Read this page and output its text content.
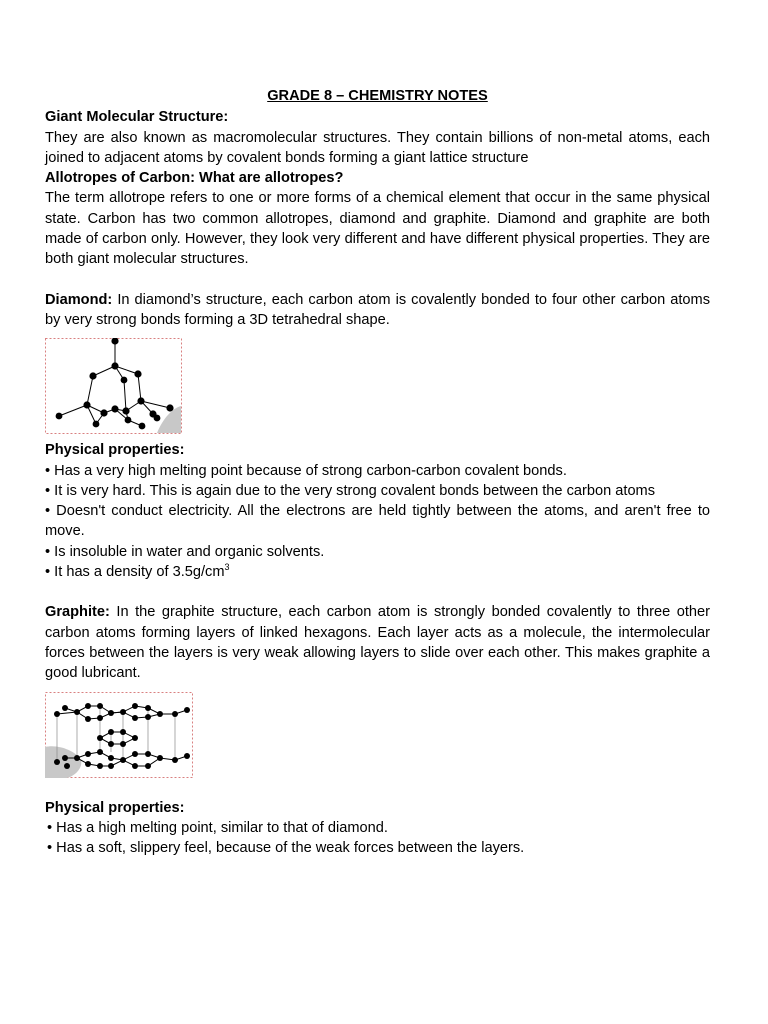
GRADE 8 – CHEMISTRY NOTES

Giant Molecular Structure:

They are also known as macromolecular structures. They contain billions of non-metal atoms, each joined to adjacent atoms by covalent bonds forming a giant lattice structure

Allotropes of Carbon: What are allotropes?

The term allotrope refers to one or more forms of a chemical element that occur in the same physical state. Carbon has two common allotropes, diamond and graphite. Diamond and graphite are both made of carbon only. However, they look very different and have different physical properties. They are both giant molecular structures.

Diamond: In diamond’s structure, each carbon atom is covalently bonded to four other carbon atoms by very strong bonds forming a 3D tetrahedral shape.

Physical properties:

• Has a very high melting point because of strong carbon-carbon covalent bonds.

• It is very hard. This is again due to the very strong covalent bonds between the carbon atoms

• Doesn't conduct electricity. All the electrons are held tightly between the atoms, and aren't free to move.

• Is insoluble in water and organic solvents.

• It has a density of $3.5g/cm^3$

Graphite: In the graphite structure, each carbon atom is strongly bonded covalently to three other carbon atoms forming layers of linked hexagons. Each layer acts as a molecule, the intermolecular forces between the layers is very weak allowing layers to slide over each other. This makes graphite a good lubricant.

Physical properties:

• Has a high melting point, similar to that of diamond.

• Has a soft, slippery feel, because of the weak forces between the layers.
